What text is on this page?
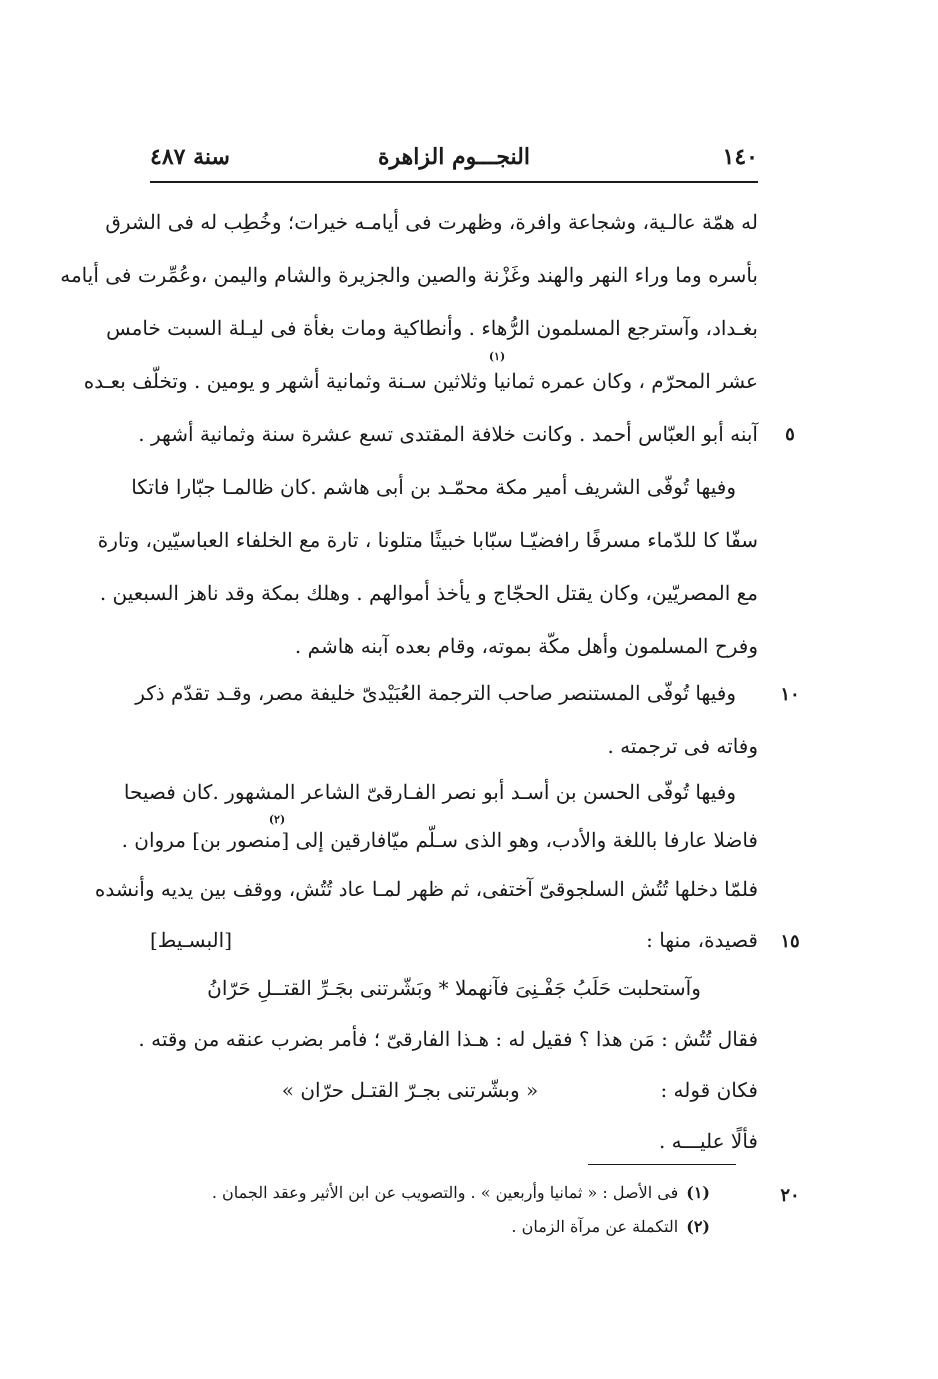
١٤٠
النجـــوم الزاهرة
سنة ٤٨٧
له همّة عالـية، وشجاعة وافرة، وظهرت فى أيامـه خيرات؛ وخُطِب له فى الشرق
بأسره وما وراء النهر والهند وغَزْنة والصين والجزيرة والشام واليمن ،وعُمِّرت فى أيامه
بغـداد، وآسترجع المسلمون الرُّهاء . وأنطاكية ومات بغأة فى ليـلة السبت خامس
(١)
عشر المحرّم ، وكان عمره ثمانيا وثلاثين سـنة وثمانية أشهر و يومين . وتخلّف بعـده
آبنه أبو العبّاس أحمد . وكانت خلافة المقتدى تسع عشرة سنة وثمانية أشهر .	٥
وفيها تُوفّى الشريف أمير مكة محمّـد بن أبى هاشم .كان ظالمـا جبّارا فاتكا
سفّا كا للدّماء مسرفًا رافضيّـا سبّابا خبيثًا متلونا ، تارة مع الخلفاء العباسيّين، وتارة
مع المصريّين، وكان يقتل الحجّاج و يأخذ أموالهم . وهلك بمكة وقد ناهز السبعين .
وفرح المسلمون وأهل مكّة بموته، وقام بعده آبنه هاشم .
وفيها تُوفّى المستنصر صاحب الترجمة العُبَيْدىّ خليفة مصر، وقـد تقدّم ذكر	١٠
وفاته فى ترجمته .
وفيها تُوفّى الحسن بن أسـد أبو نصر الفـارقىّ الشاعر المشهور .كان فصيحا
(٢)
فاضلا عارفا باللغة والأدب، وهو الذى سـلّم ميّافارقين إلى [منصور بن] مروان .
فلمّا دخلها تُتُش السلجوقىّ آختفى، ثم ظهر لمـا عاد تُتُش، ووقف بين يديه وأنشده
قصيدة، منها :
[البسـيط]	١٥
وآستحلبت حَلَبُ جَفْـنِىَ فآنهملا * وبَشّرتنى بجَـرِّ القتــلِ حَرّانُ
فقال تُتُش : مَن هذا ؟ فقيل له : هـذا الفارقىّ ؛ فأمر بضرب عنقه من وقته .
فكان قوله :
« وبشّرتنى بجـرّ القتـل حرّان »
فألًا عليـــه .
(١)فى الأصل : « ثمانيا وأربعين » . والتصويب عن ابن الأثير وعقد الجمان .	٢٠
(٢)التكملة عن مرآة الزمان .
